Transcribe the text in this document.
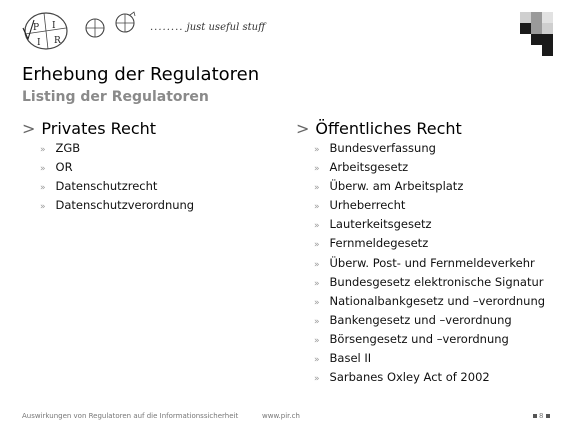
P I
I R
........ just useful stuff
Erhebung der Regulatoren
Listing der Regulatoren
> Privates Recht
» ZGB
» OR
» Datenschutzrecht
» Datenschutzverordnung
> Öffentliches Recht
» Bundesverfassung
» Arbeitsgesetz
» Überw. am Arbeitsplatz
» Urheberrecht
» Lauterkeitsgesetz
» Fernmeldegesetz
» Überw. Post- und Fernmeldeverkehr
» Bundesgesetz elektronische Signatur
» Nationalbankgesetz und –verordnung
» Bankengesetz und –verordnung
» Börsengesetz und –verordnung
» Basel II
» Sarbanes Oxley Act of 2002
Auswirkungen von Regulatoren auf die Informationssicherheit	www.pir.ch	8
